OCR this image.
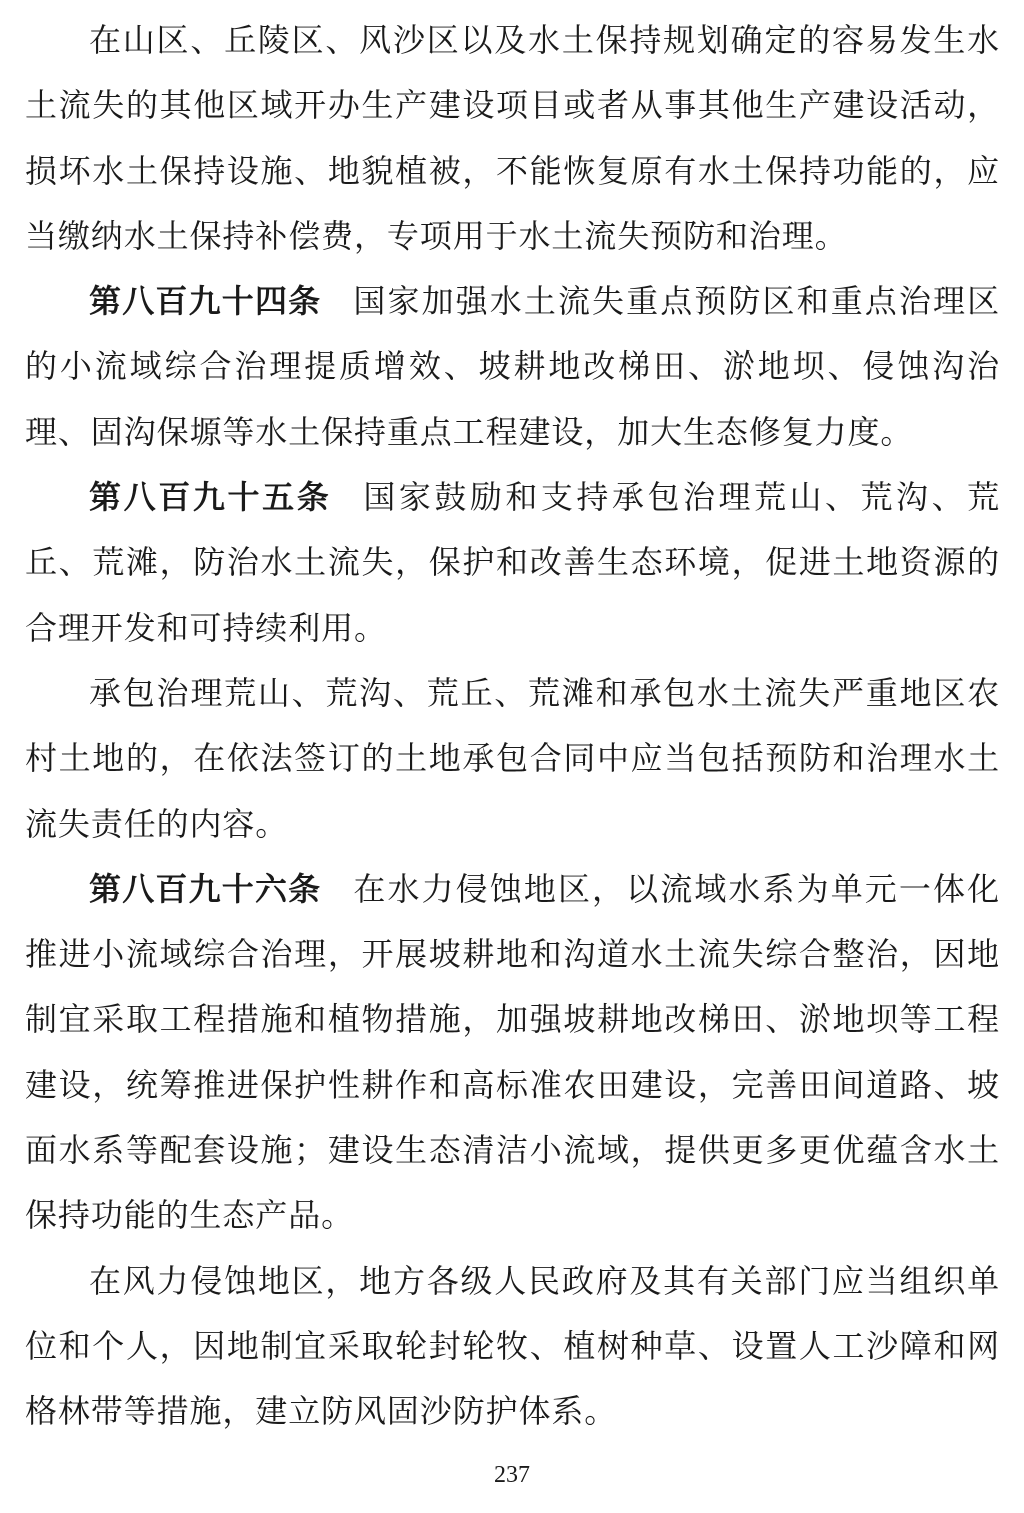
在山区、丘陵区、风沙区以及水土保持规划确定的容易发生水土流失的其他区域开办生产建设项目或者从事其他生产建设活动，损坏水土保持设施、地貌植被，不能恢复原有水土保持功能的，应当缴纳水土保持补偿费，专项用于水土流失预防和治理。

第八百九十四条 国家加强水土流失重点预防区和重点治理区的小流域综合治理提质增效、坡耕地改梯田、淤地坝、侵蚀沟治理、固沟保塬等水土保持重点工程建设，加大生态修复力度。

第八百九十五条 国家鼓励和支持承包治理荒山、荒沟、荒丘、荒滩，防治水土流失，保护和改善生态环境，促进土地资源的合理开发和可持续利用。

承包治理荒山、荒沟、荒丘、荒滩和承包水土流失严重地区农村土地的，在依法签订的土地承包合同中应当包括预防和治理水土流失责任的内容。

第八百九十六条 在水力侵蚀地区，以流域水系为单元一体化推进小流域综合治理，开展坡耕地和沟道水土流失综合整治，因地制宜采取工程措施和植物措施，加强坡耕地改梯田、淤地坝等工程建设，统筹推进保护性耕作和高标准农田建设，完善田间道路、坡面水系等配套设施；建设生态清洁小流域，提供更多更优蕴含水土保持功能的生态产品。

在风力侵蚀地区，地方各级人民政府及其有关部门应当组织单位和个人，因地制宜采取轮封轮牧、植树种草、设置人工沙障和网格林带等措施，建立防风固沙防护体系。

237
